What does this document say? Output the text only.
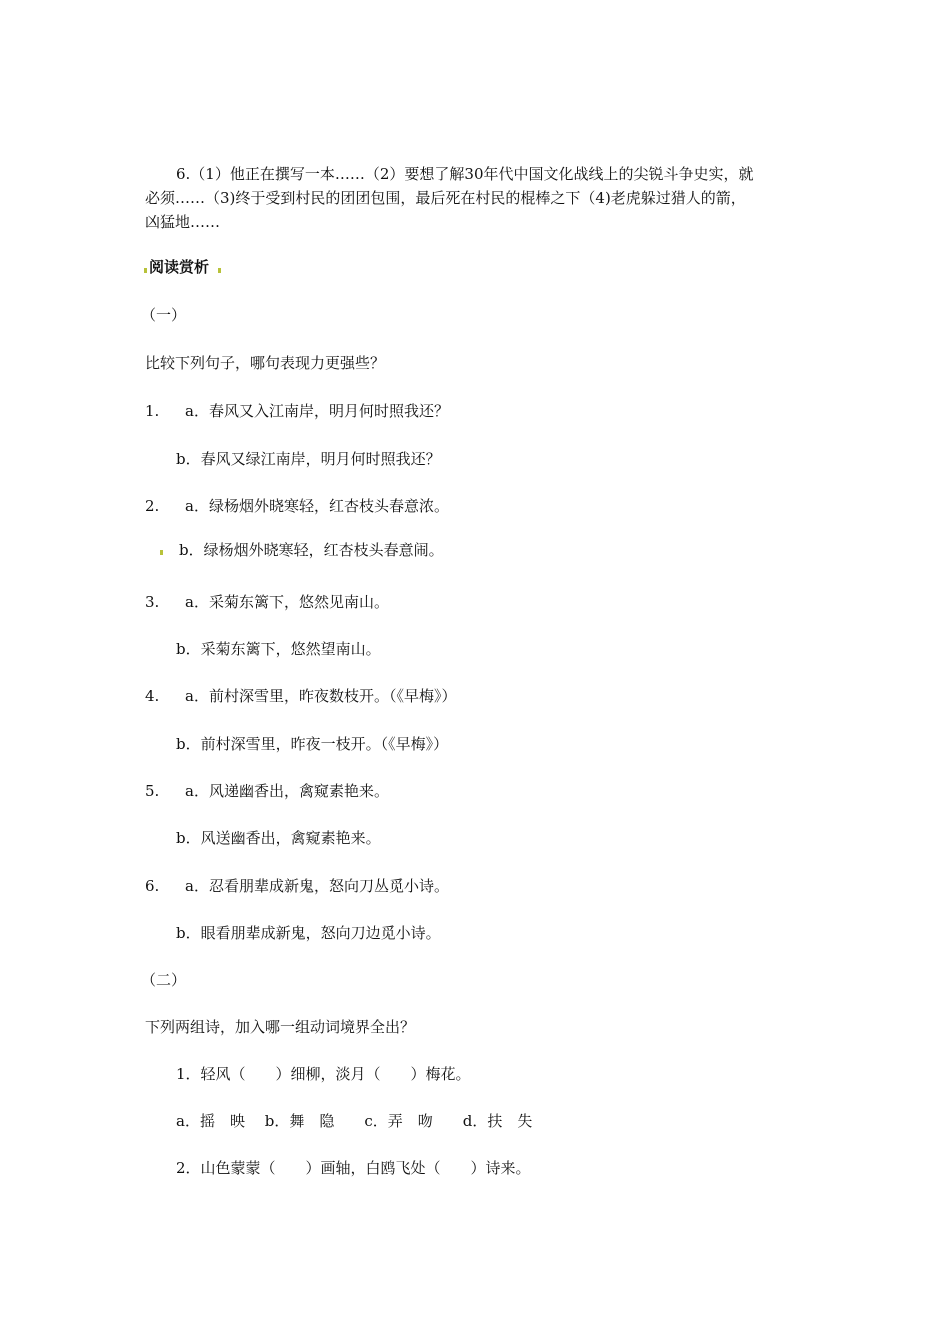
6.（1）他正在撰写一本……（2）要想了解30年代中国文化战线上的尖锐斗争史实，就
必须……（3)终于受到村民的团团包围，最后死在村民的棍棒之下（4)老虎躲过猎人的箭，
凶猛地……
阅读赏析
（一）
比较下列句子，哪句表现力更强些？
1. a．春风又入江南岸，明月何时照我还？
b．春风又绿江南岸，明月何时照我还？
2. a．绿杨烟外晓寒轻，红杏枝头春意浓。
b．绿杨烟外晓寒轻，红杏枝头春意闹。
3. a．采菊东篱下，悠然见南山。
b．采菊东篱下，悠然望南山。
4. a．前村深雪里，昨夜数枝开。（《早梅》）
b．前村深雪里，昨夜一枝开。（《早梅》）
5. a．风递幽香出，禽窥素艳来。
b．风送幽香出，禽窥素艳来。
6. a．忍看朋辈成新鬼，怒向刀丛觅小诗。
b．眼看朋辈成新鬼，怒向刀边觅小诗。
（二）
下列两组诗，加入哪一组动词境界全出？
1．轻风（　　）细柳，淡月（　　）梅花。
a．摇　映　 b．舞　隐　　c．弄　吻　　d．扶　失
2．山色蒙蒙（　　）画轴，白鸥飞处（　　）诗来。
